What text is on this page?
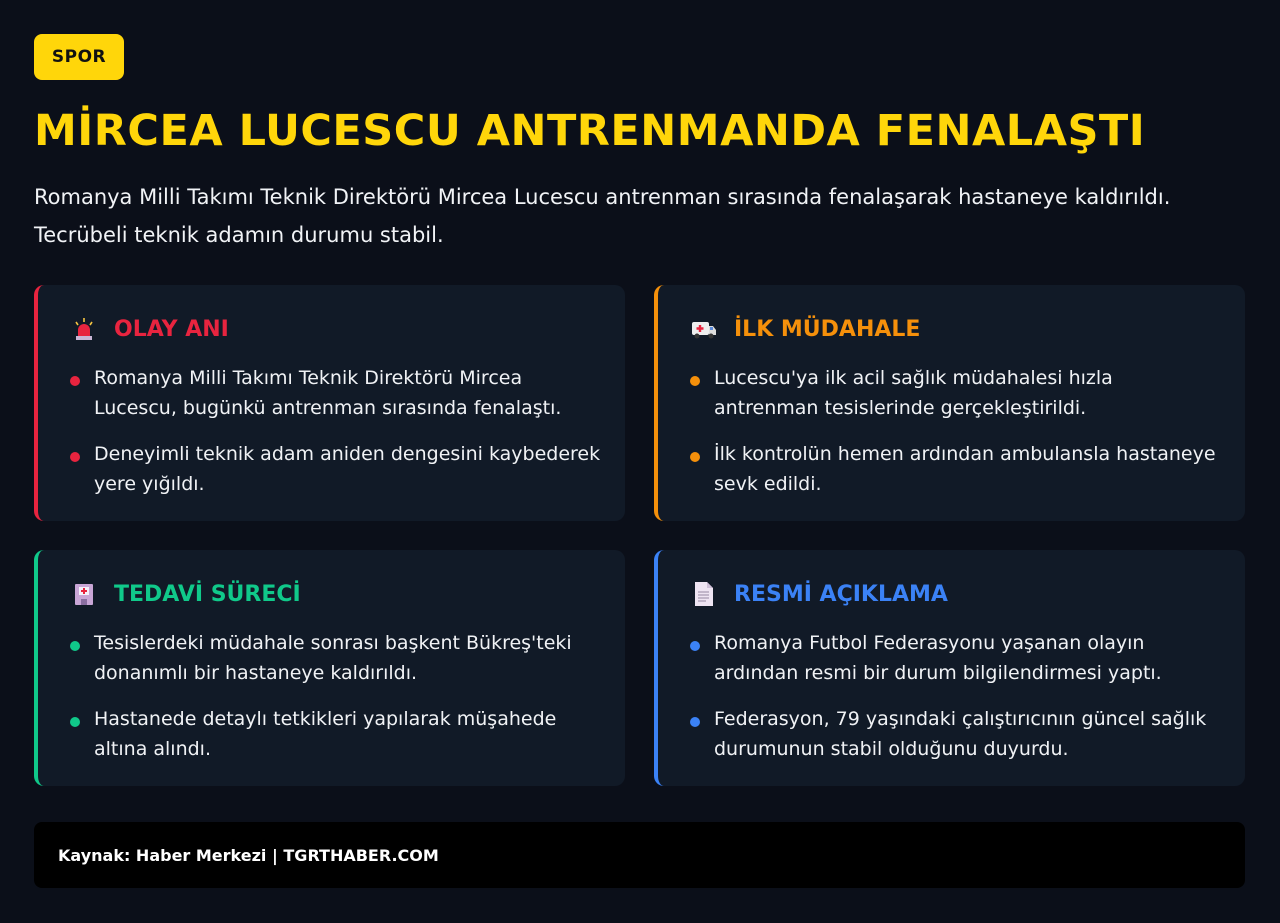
SPOR
MİRCEA LUCESCU ANTRENMANDA FENALAŞTI

Romanya Milli Takımı Teknik Direktörü Mircea Lucescu antrenman sırasında fenalaşarak hastaneye kaldırıldı. Tecrübeli teknik adamın durumu stabil.

OLAY ANI
Romanya Milli Takımı Teknik Direktörü Mircea Lucescu, bugünkü antrenman sırasında fenalaştı.
Deneyimli teknik adam aniden dengesini kaybederek yere yığıldı.
İLK MÜDAHALE
Lucescu'ya ilk acil sağlık müdahalesi hızla antrenman tesislerinde gerçekleştirildi.
İlk kontrolün hemen ardından ambulansla hastaneye sevk edildi.
TEDAVİ SÜRECİ
Tesislerdeki müdahale sonrası başkent Bükreş'teki donanımlı bir hastaneye kaldırıldı.
Hastanede detaylı tetkikleri yapılarak müşahede altına alındı.
RESMİ AÇIKLAMA
Romanya Futbol Federasyonu yaşanan olayın ardından resmi bir durum bilgilendirmesi yaptı.
Federasyon, 79 yaşındaki çalıştırıcının güncel sağlık durumunun stabil olduğunu duyurdu.
Kaynak: Haber Merkezi | TGRTHABER.COM
